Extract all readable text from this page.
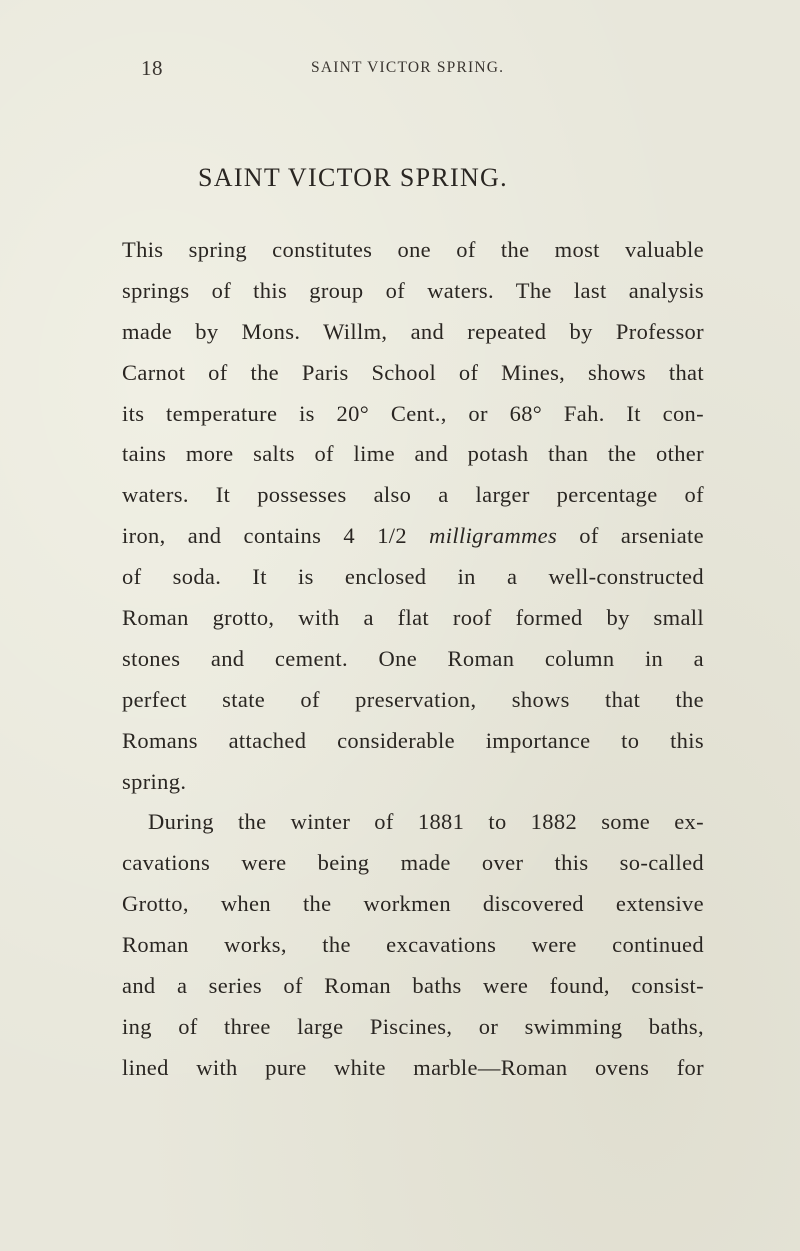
18	SAINT VICTOR SPRING.
SAINT VICTOR SPRING.
This spring constitutes one of the most valuable
springs of this group of waters. The last analysis
made by Mons. Willm, and repeated by Professor
Carnot of the Paris School of Mines, shows that
its temperature is 20° Cent., or 68° Fah. It con-
tains more salts of lime and potash than the other
waters. It possesses also a larger percentage of
iron, and contains 4 1/2 milligrammes of arseniate
of soda. It is enclosed in a well-constructed
Roman grotto, with a flat roof formed by small
stones and cement. One Roman column in a
perfect state of preservation, shows that the
Romans attached considerable importance to this
spring.
During the winter of 1881 to 1882 some ex-
cavations were being made over this so-called
Grotto, when the workmen discovered extensive
Roman works, the excavations were continued
and a series of Roman baths were found, consist-
ing of three large Piscines, or swimming baths,
lined with pure white marble—Roman ovens for
